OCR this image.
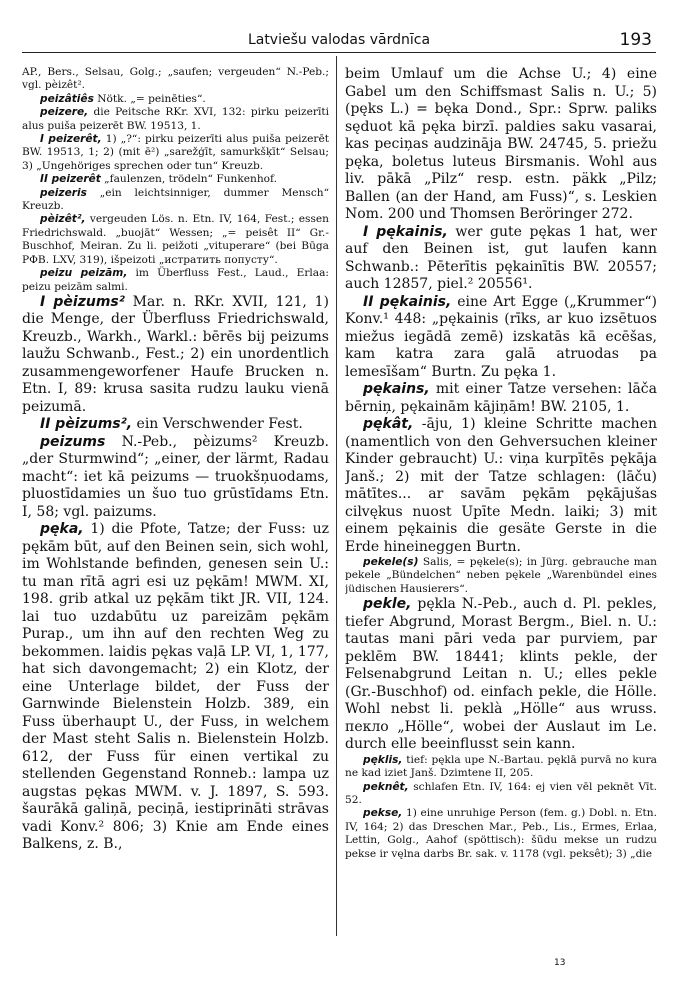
Latviešu valodas vārdnīca	193

AP., Bers., Selsau, Golg.; „saufen; vergeuden“ N.-Peb.; vgl. pèizêt².

peizâtiês Nötk. „= peinēties“.

peizere, die Peitsche RKr. XVI, 132: pirku peizerīti alus puiša peizerēt BW. 19513, 1.

I peizerêt, 1) „?“: pirku peizerīti alus puiša peizerēt BW. 19513, 1; 2) (mit ē²) „sarežģīt, samurkšķīt“ Selsau; 3) „Ungehöriges sprechen oder tun“ Kreuzb.

II peizerêt „faulenzen, trödeln“ Funkenhof.

peizeris „ein leichtsinniger, dummer Mensch“ Kreuzb.

pèizêt², vergeuden Lös. n. Etn. IV, 164, Fest.; essen Friedrichswald. „buojāt“ Wessen; „= peisêt II“ Gr.-Buschhof, Meiran. Zu li. peižoti „vituperare“ (bei Būga PФB. LXV, 319), išpeizoti „истратить попусту“.

peizu peizām, im Überfluss Fest., Laud., Erlaa: peizu peizām salmi.

I pèizums² Mar. n. RKr. XVII, 121, 1) die Menge, der Überfluss Friedrichswald, Kreuzb., Warkh., Warkl.: bērēs bij peizums laužu Schwanb., Fest.; 2) ein unordentlich zusammengeworfener Haufe Brucken n. Etn. I, 89: krusa sasita rudzu lauku vienā peizumā.

II pèizums², ein Verschwender Fest.

peizums N.-Peb., pèizums² Kreuzb. „der Sturmwind“; „einer, der lärmt, Radau macht“: iet kā peizums — truokšņuodams, pluostīdamies un šuo tuo grūstīdams Etn. I, 58; vgl. paizums.

pęka, 1) die Pfote, Tatze; der Fuss: uz pękām būt, auf den Beinen sein, sich wohl, im Wohlstande befinden, genesen sein U.: tu man rītā agri esi uz pękām! MWM. XI, 198. grib atkal uz pękām tikt JR. VII, 124. lai tuo uzdabūtu uz pareizām pękām Purap., um ihn auf den rechten Weg zu bekommen. laidis pękas vaļā LP. VI, 1, 177, hat sich davongemacht; 2) ein Klotz, der eine Unterlage bildet, der Fuss der Garnwinde Bielenstein Holzb. 389, ein Fuss überhaupt U., der Fuss, in welchem der Mast steht Salis n. Bielenstein Holzb. 612, der Fuss für einen vertikal zu stellenden Gegenstand Ronneb.: lampa uz augstas pękas MWM. v. J. 1897, S. 593. šaurākā galiņā, peciņā, iestiprināti strāvas vadi Konv.² 806; 3) Knie am Ende eines Balkens, z. B.,

beim Umlauf um die Achse U.; 4) eine Gabel um den Schiffsmast Salis n. U.; 5) (pęks L.) = bęka Dond., Spr.: Sprw. paliks sęduot kā pęka birzī. paldies saku vasarai, kas peciņas audzināja BW. 24745, 5. priežu pęka, boletus luteus Birsmanis. Wohl aus liv. pākā „Pilz“ resp. estn. päkk „Pilz; Ballen (an der Hand, am Fuss)“, s. Leskien Nom. 200 und Thomsen Beröringer 272.

I pękainis, wer gute pękas 1 hat, wer auf den Beinen ist, gut laufen kann Schwanb.: Pēterītis pękainītis BW. 20557; auch 12857, piel.² 20556¹.

II pękainis, eine Art Egge („Krummer“) Konv.¹ 448: „pękainis (rīks, ar kuo izsētuos miežus iegādā zemē) izskatās kā ecēšas, kam katra zara galā atruodas pa lemesīšam“ Burtn. Zu pęka 1.

pękains, mit einer Tatze versehen: lāča bērniņ, pękainām kājiņām! BW. 2105, 1.

pękât, -āju, 1) kleine Schritte machen (namentlich von den Gehversuchen kleiner Kinder gebraucht) U.: viņa kurpītēs pękāja Janš.; 2) mit der Tatze schlagen: (lāču) mātītes... ar savām pękām pękājušas cilvękus nuost Upīte Medn. laiki; 3) mit einem pękainis die gesäte Gerste in die Erde hineineggen Burtn.

pekele(s) Salis, = pękele(s); in Jürg. gebrauche man pekele „Bündelchen“ neben pękele „Warenbündel eines jüdischen Hausierers“.

pekle, pękla N.-Peb., auch d. Pl. pekles, tiefer Abgrund, Morast Bergm., Biel. n. U.: tautas mani pāri veda par purviem, par peklēm BW. 18441; klints pekle, der Felsenabgrund Leitan n. U.; elles pekle (Gr.-Buschhof) od. einfach pekle, die Hölle. Wohl nebst li. peklà „Hölle“ aus wruss. пекло „Hölle“, wobei der Auslaut im Le. durch elle beeinflusst sein kann.

pęklis, tief: pękla upe N.-Bartau. pęklā purvā no kura ne kad iziet Janš. Dzimtene II, 205.

peknêt, schlafen Etn. IV, 164: ej vien vēl peknēt Vīt. 52.

pekse, 1) eine unruhige Person (fem. g.) Dobl. n. Etn. IV, 164; 2) das Dreschen Mar., Peb., Lis., Ermes, Erlaa, Lettin, Golg., Aahof (spöttisch): šūdu mekse un rudzu pekse ir vęlna darbs Br. sak. v. 1178 (vgl. peksêt); 3) „die

13
